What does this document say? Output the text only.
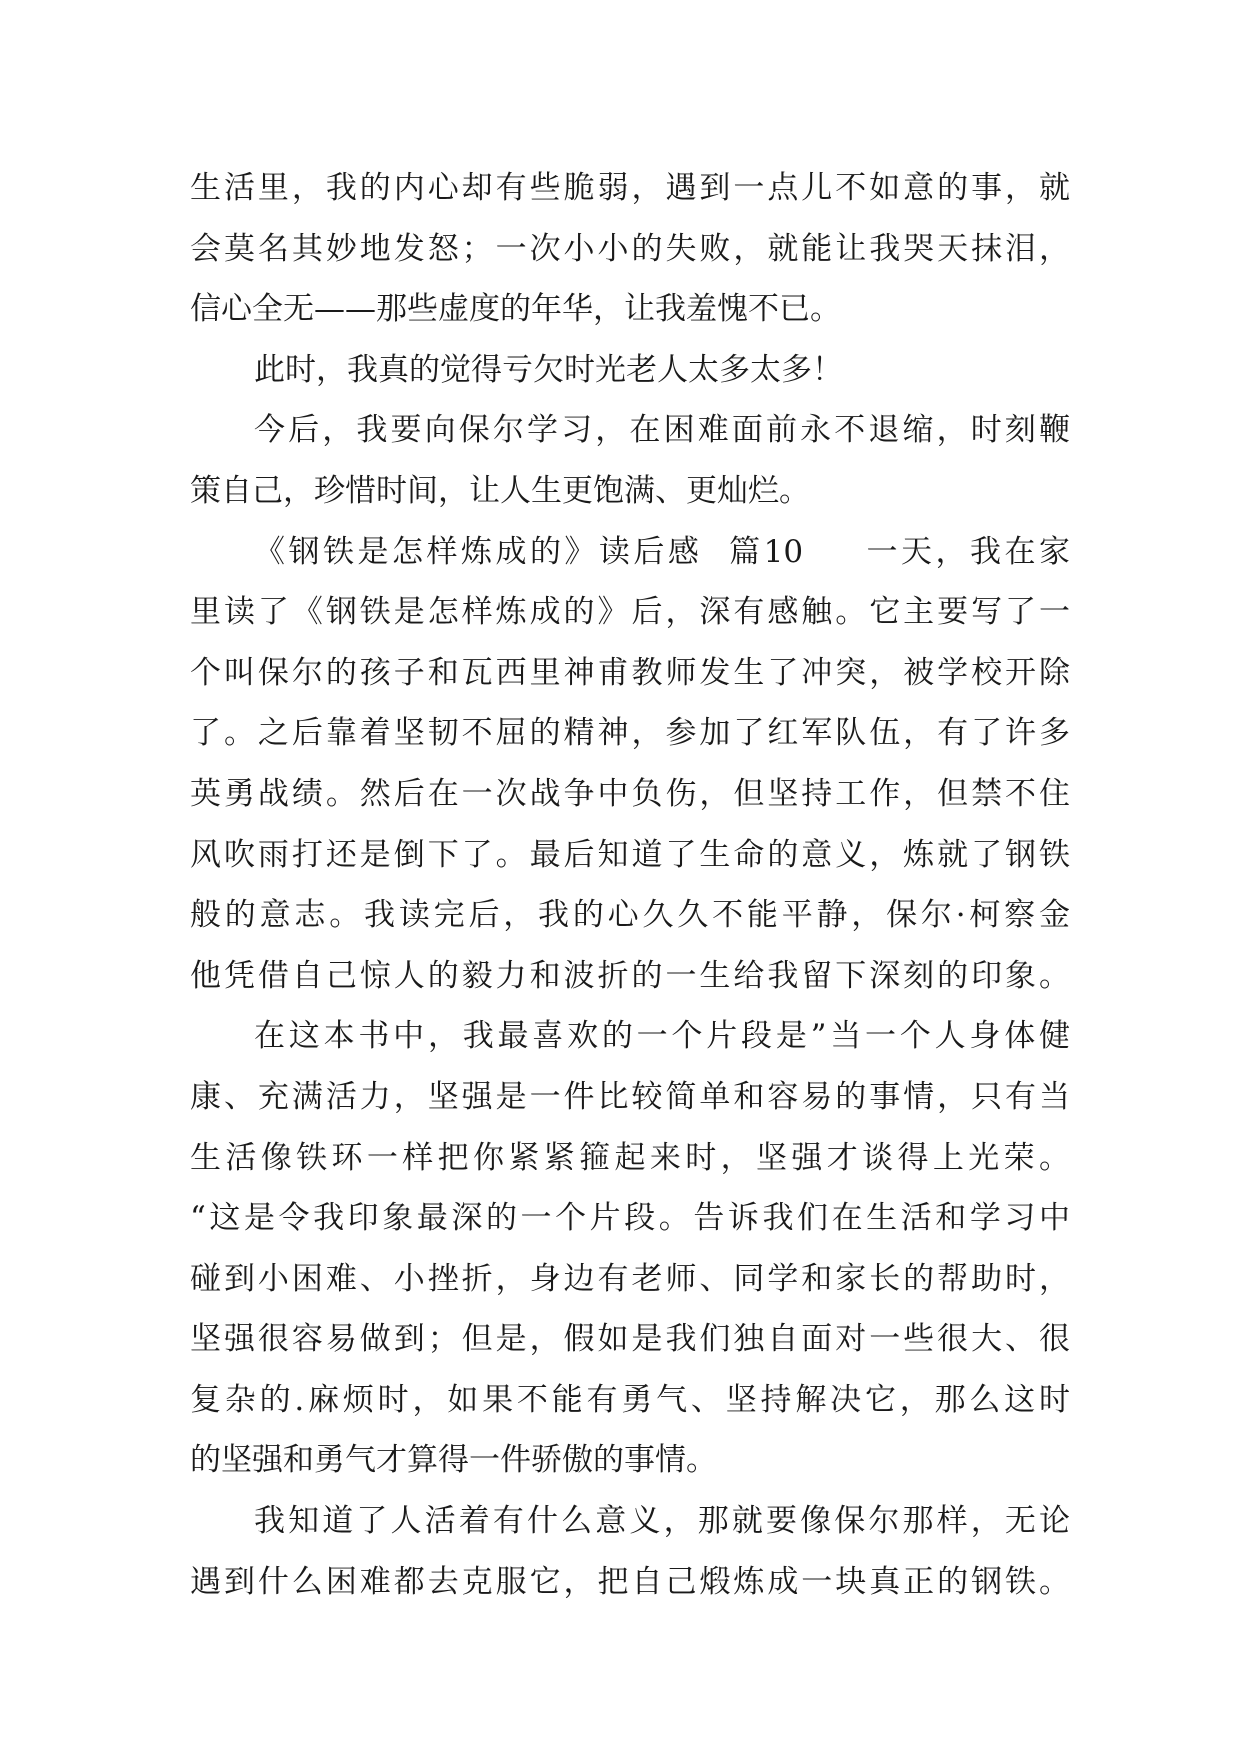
生活里，我的内心却有些脆弱，遇到一点儿不如意的事，就
会莫名其妙地发怒；一次小小的失败，就能让我哭天抹泪，
信心全无——那些虚度的年华，让我羞愧不已。
此时，我真的觉得亏欠时光老人太多太多！
今后，我要向保尔学习，在困难面前永不退缩，时刻鞭
策自己，珍惜时间，让人生更饱满、更灿烂。
《钢铁是怎样炼成的》读后感  篇10 一天，我在家
里读了《钢铁是怎样炼成的》后，深有感触。它主要写了一
个叫保尔的孩子和瓦西里神甫教师发生了冲突，被学校开除
了。之后靠着坚韧不屈的精神，参加了红军队伍，有了许多
英勇战绩。然后在一次战争中负伤，但坚持工作，但禁不住
风吹雨打还是倒下了。最后知道了生命的意义，炼就了钢铁
般的意志。我读完后，我的心久久不能平静，保尔·柯察金
他凭借自己惊人的毅力和波折的一生给我留下深刻的印象。
在这本书中，我最喜欢的一个片段是”当一个人身体健
康、充满活力，坚强是一件比较简单和容易的事情，只有当
生活像铁环一样把你紧紧箍起来时，坚强才谈得上光荣。
“这是令我印象最深的一个片段。告诉我们在生活和学习中
碰到小困难、小挫折，身边有老师、同学和家长的帮助时，
坚强很容易做到；但是，假如是我们独自面对一些很大、很
复杂的.麻烦时，如果不能有勇气、坚持解决它，那么这时
的坚强和勇气才算得一件骄傲的事情。
我知道了人活着有什么意义，那就要像保尔那样，无论
遇到什么困难都去克服它，把自己煅炼成一块真正的钢铁。
